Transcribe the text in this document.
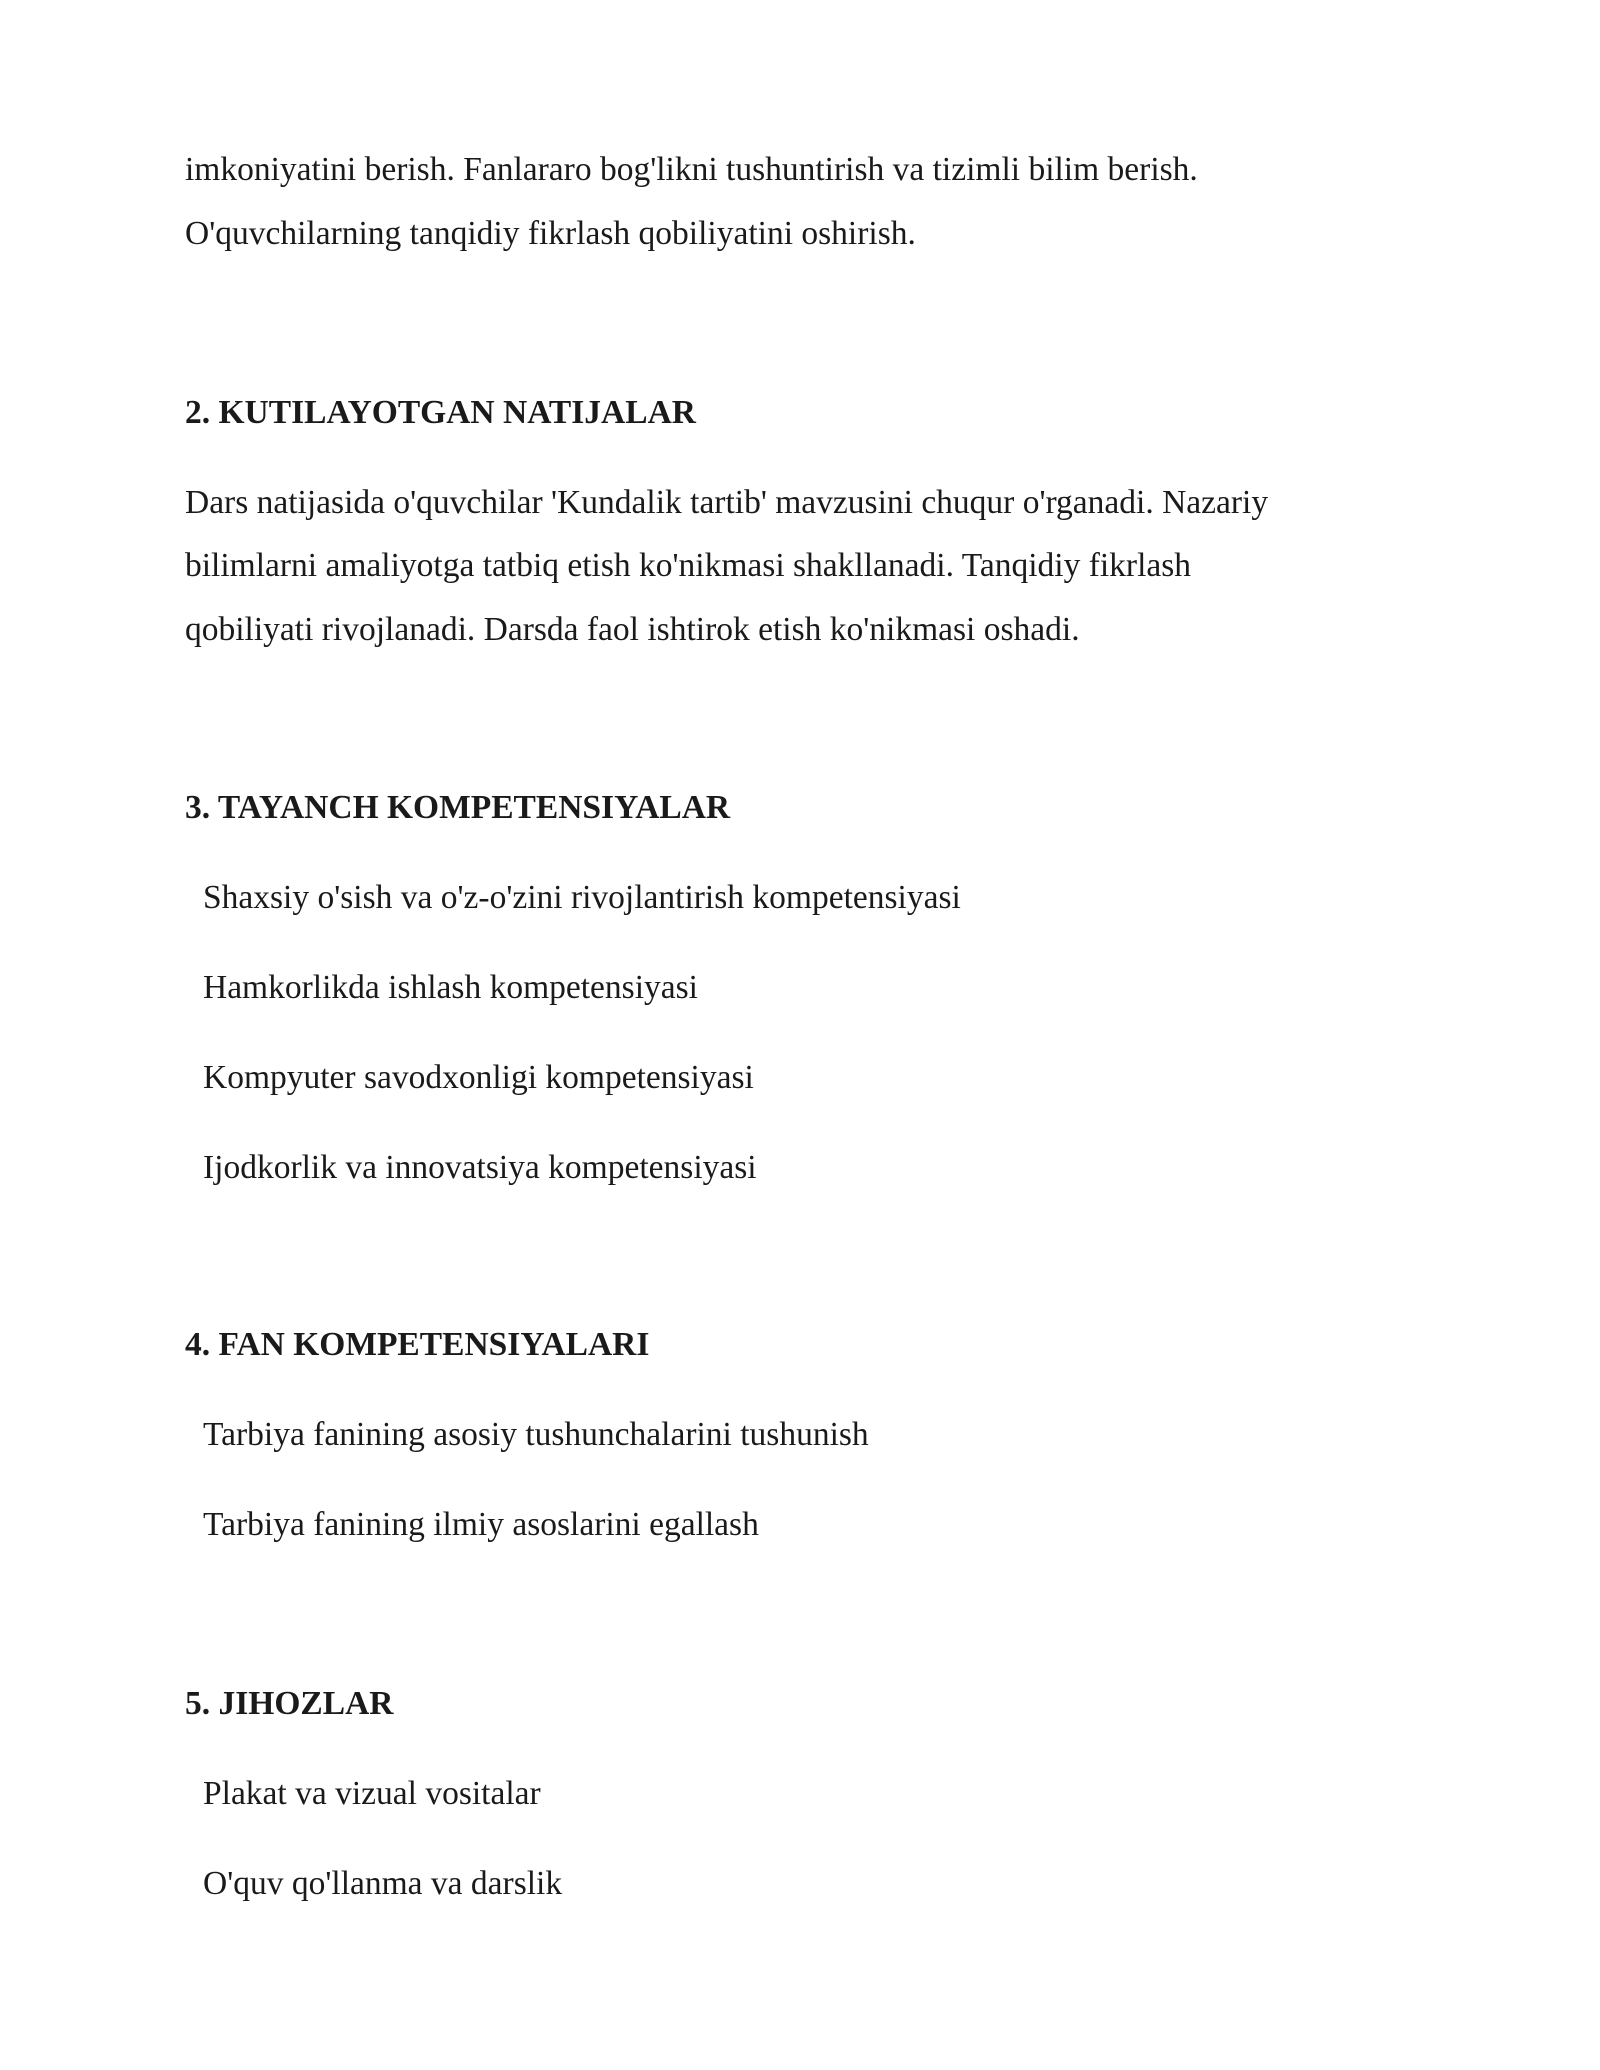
imkoniyatini berish. Fanlararo bog'likni tushuntirish va tizimli bilim berish.
O'quvchilarning tanqidiy fikrlash qobiliyatini oshirish.
2. KUTILAYOTGAN NATIJALAR
Dars natijasida o'quvchilar 'Kundalik tartib' mavzusini chuqur o'rganadi. Nazariy
bilimlarni amaliyotga tatbiq etish ko'nikmasi shakllanadi. Tanqidiy fikrlash
qobiliyati rivojlanadi. Darsda faol ishtirok etish ko'nikmasi oshadi.
3. TAYANCH KOMPETENSIYALAR
Shaxsiy o'sish va o'z-o'zini rivojlantirish kompetensiyasi
Hamkorlikda ishlash kompetensiyasi
Kompyuter savodxonligi kompetensiyasi
Ijodkorlik va innovatsiya kompetensiyasi
4. FAN KOMPETENSIYALARI
Tarbiya fanining asosiy tushunchalarini tushunish
Tarbiya fanining ilmiy asoslarini egallash
5. JIHOZLAR
Plakat va vizual vositalar
O'quv qo'llanma va darslik
